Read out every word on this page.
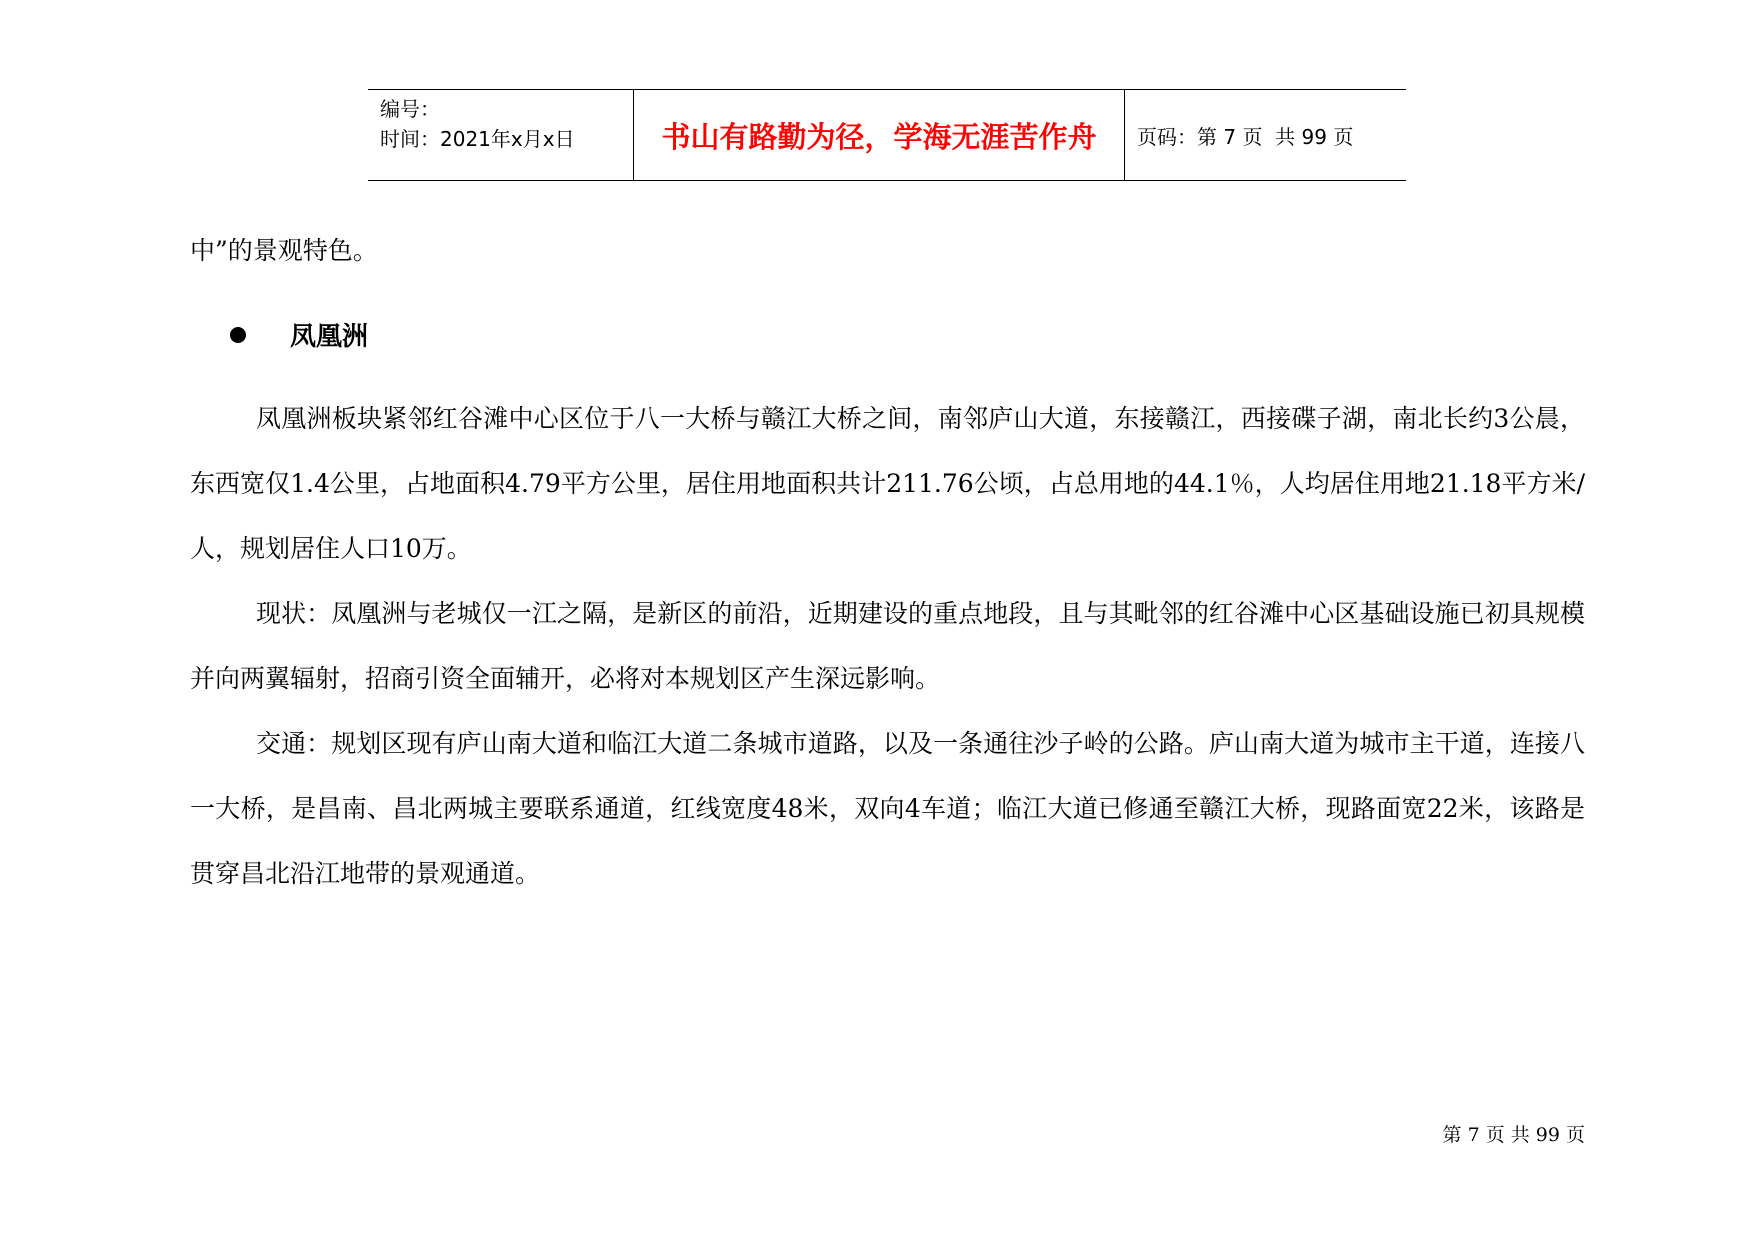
编号：
时间：2021年x月x日	书山有路勤为径，学海无涯苦作舟 页码：第 7 页  共 99 页

中”的景观特色。

凤凰洲

凤凰洲板块紧邻红谷滩中心区位于八一大桥与赣江大桥之间，南邻庐山大道，东接赣江，西接碟子湖，南北长约3公晨，东西宽仅1.4公里，占地面积4.79平方公里，居住用地面积共计211.76公顷，占总用地的44.1％，人均居住用地21.18平方米/人，规划居住人口10万。

现状：凤凰洲与老城仅一江之隔，是新区的前沿，近期建设的重点地段，且与其毗邻的红谷滩中心区基础设施已初具规模并向两翼辐射，招商引资全面辅开，必将对本规划区产生深远影响。

交通：规划区现有庐山南大道和临江大道二条城市道路，以及一条通往沙子岭的公路。庐山南大道为城市主干道，连接八一大桥，是昌南、昌北两城主要联系通道，红线宽度48米，双向4车道；临江大道已修通至赣江大桥，现路面宽22米，该路是贯穿昌北沿江地带的景观通道。

第 7 页 共 99 页
